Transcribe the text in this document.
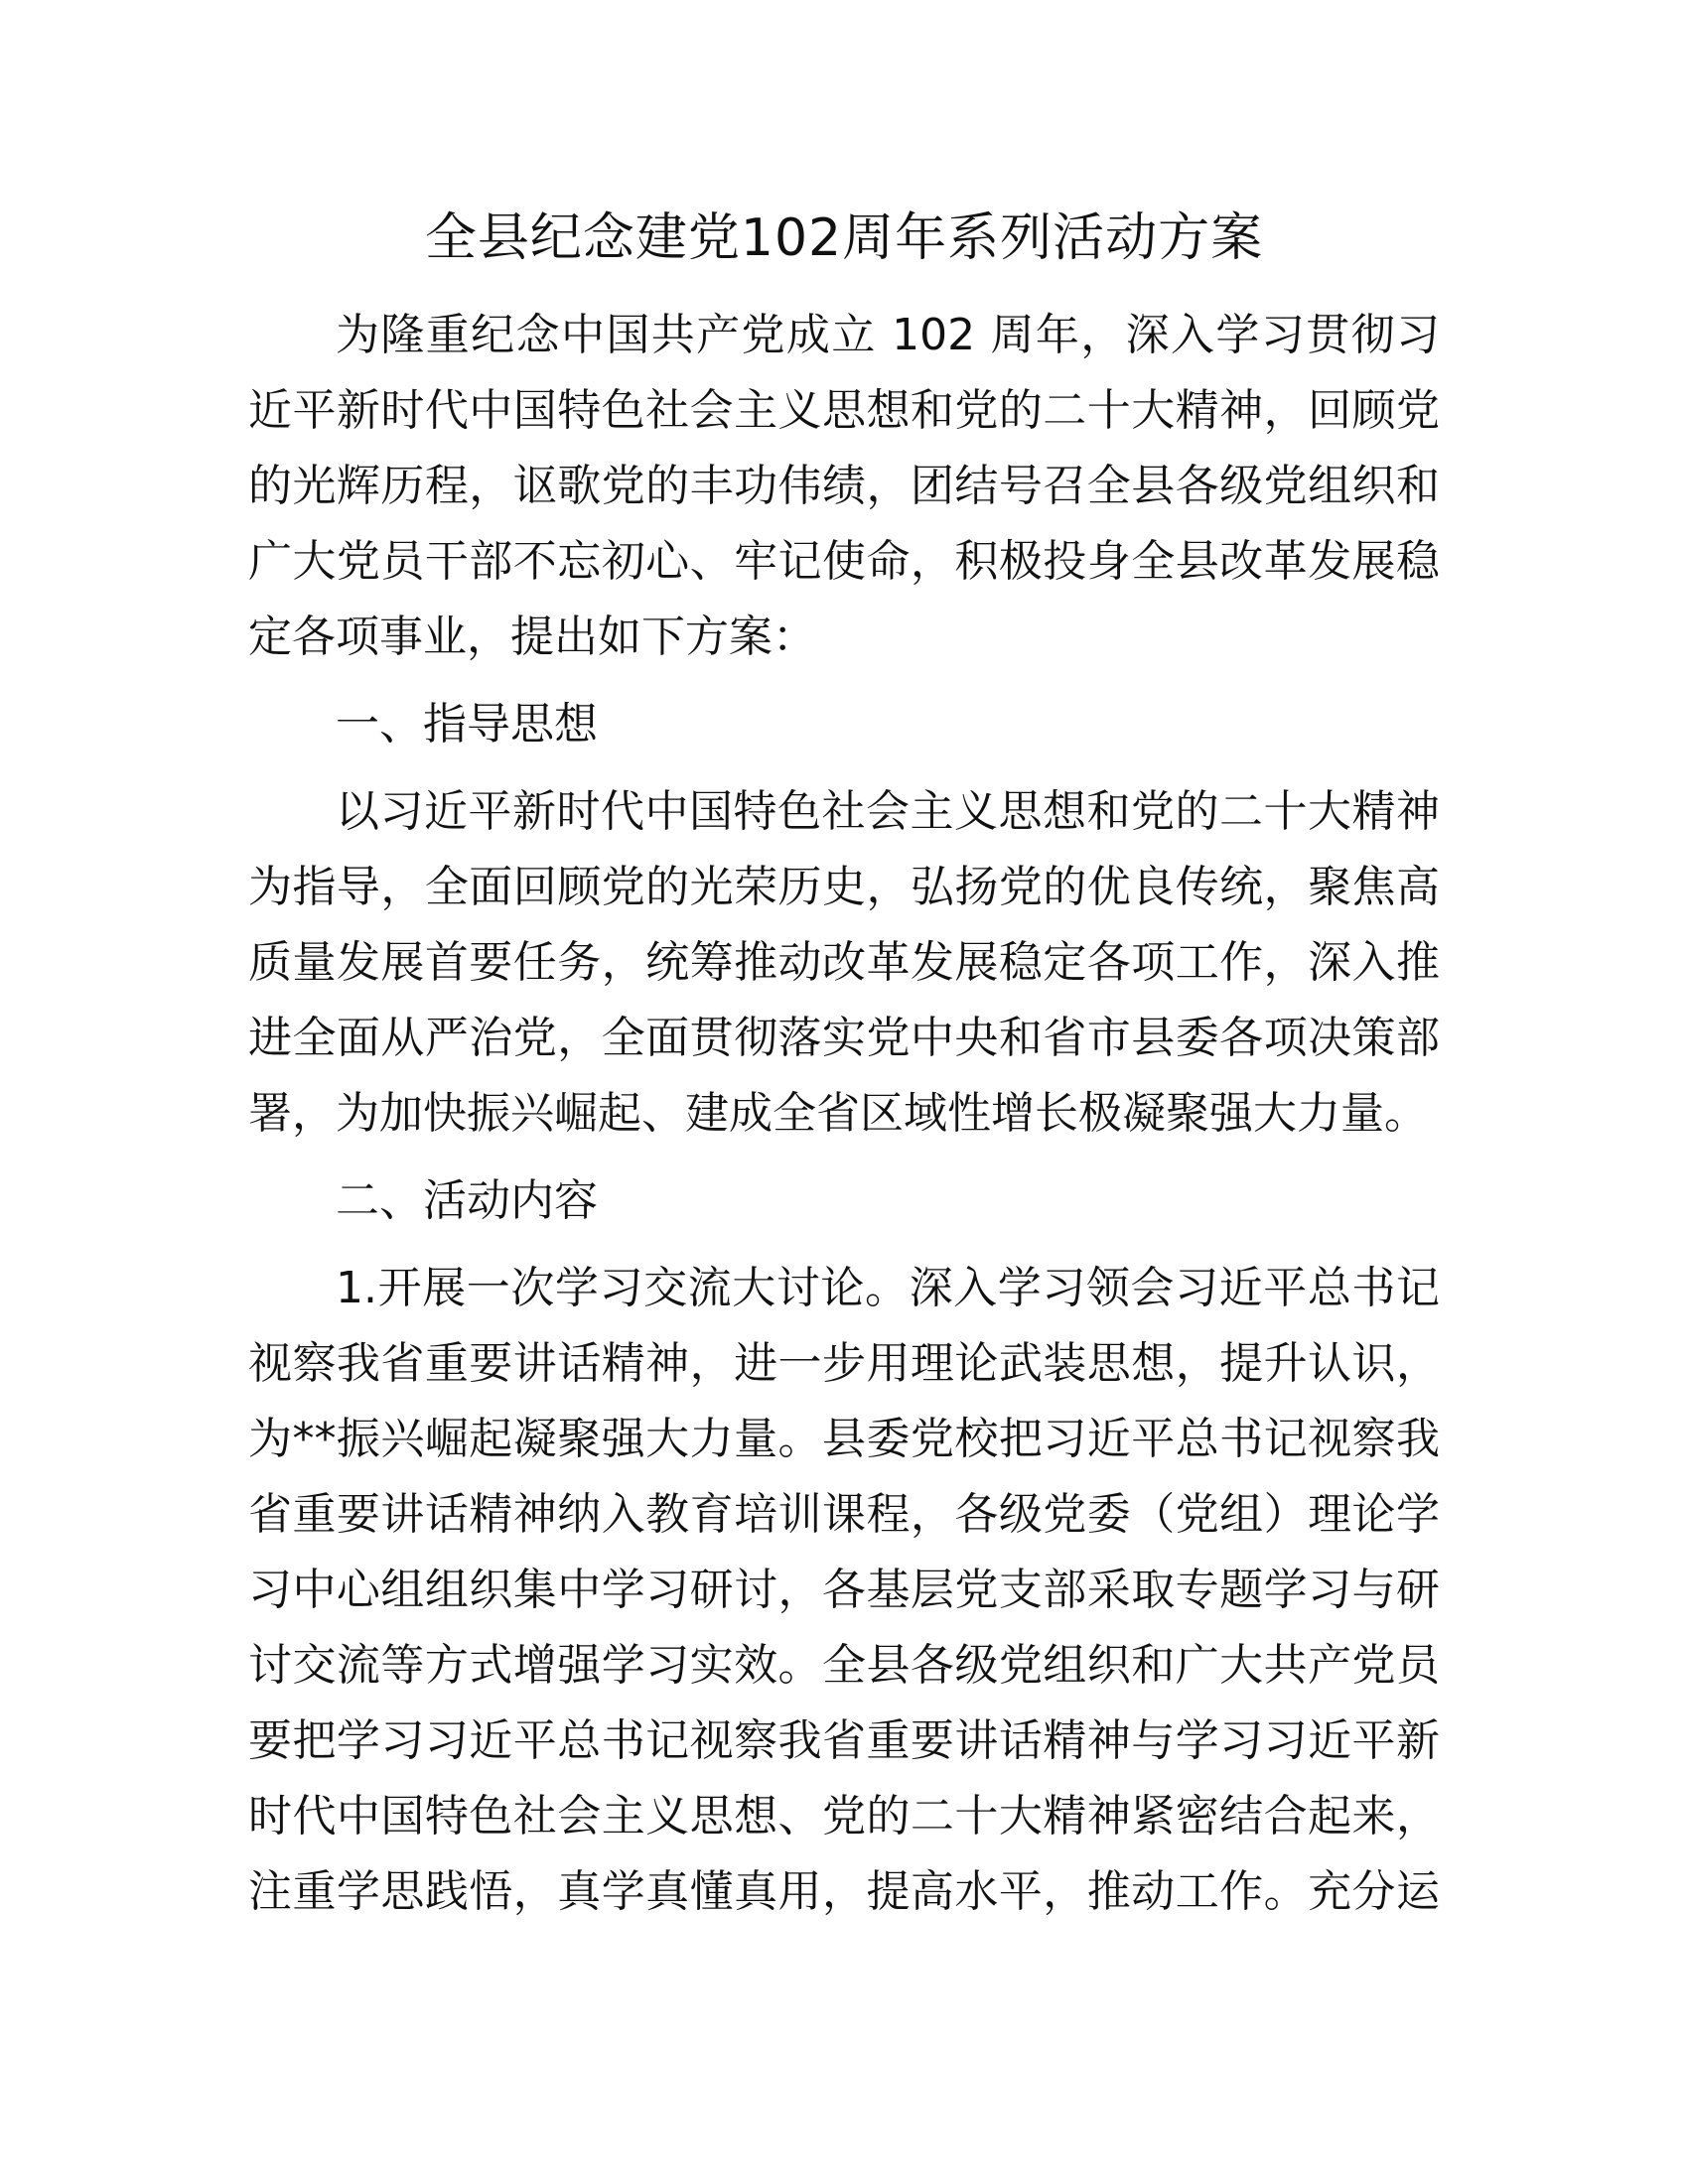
全县纪念建党102周年系列活动方案
为隆重纪念中国共产党成立 102 周年，深入学习贯彻习
近平新时代中国特色社会主义思想和党的二十大精神，回顾党
的光辉历程，讴歌党的丰功伟绩，团结号召全县各级党组织和
广大党员干部不忘初心、牢记使命，积极投身全县改革发展稳
定各项事业，提出如下方案：
一、指导思想
以习近平新时代中国特色社会主义思想和党的二十大精神
为指导，全面回顾党的光荣历史，弘扬党的优良传统，聚焦高
质量发展首要任务，统筹推动改革发展稳定各项工作，深入推
进全面从严治党，全面贯彻落实党中央和省市县委各项决策部
署，为加快振兴崛起、建成全省区域性增长极凝聚强大力量。
二、活动内容
1.开展一次学习交流大讨论。深入学习领会习近平总书记
视察我省重要讲话精神，进一步用理论武装思想，提升认识，
为**振兴崛起凝聚强大力量。县委党校把习近平总书记视察我
省重要讲话精神纳入教育培训课程，各级党委（党组）理论学
习中心组组织集中学习研讨，各基层党支部采取专题学习与研
讨交流等方式增强学习实效。全县各级党组织和广大共产党员
要把学习习近平总书记视察我省重要讲话精神与学习习近平新
时代中国特色社会主义思想、党的二十大精神紧密结合起来，
注重学思践悟，真学真懂真用，提高水平，推动工作。充分运
